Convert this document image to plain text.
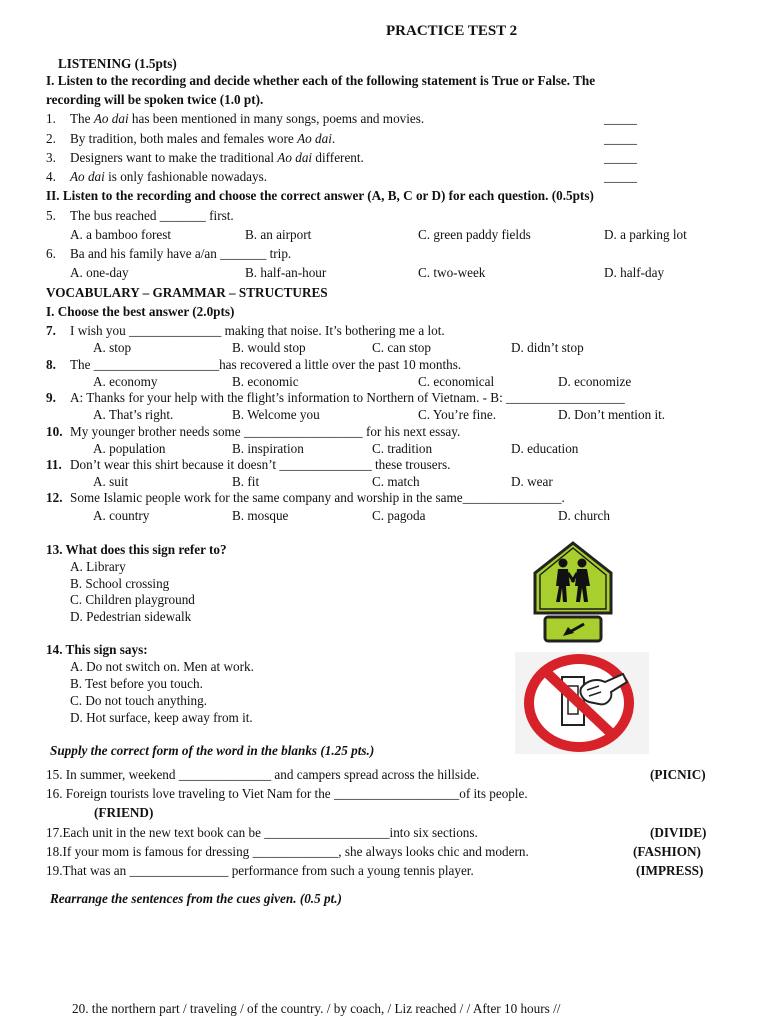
PRACTICE TEST 2
LISTENING (1.5pts)
I. Listen to the recording and decide whether each of the following statement is True or False. The
recording will be spoken twice (1.0 pt).
1. The Ao dai has been mentioned in many songs, poems and movies.	_____
2. By tradition, both males and females wore Ao dai.	_____
3. Designers want to make the traditional Ao dai different.	_____
4. Ao dai is only fashionable nowadays.	_____
II. Listen to the recording and choose the correct answer (A, B, C or D) for each question. (0.5pts)
5. The bus reached _______ first.
A. a bamboo forest	B. an airport	C. green paddy fields	D. a parking lot
6. Ba and his family have a/an _______ trip.
A. one-day	B. half-an-hour	C. two-week	D. half-day
VOCABULARY – GRAMMAR – STRUCTURES
I. Choose the best answer (2.0pts)
7. I wish you ______________ making that noise. It’s bothering me a lot.
A. stop	B. would stop	C. can stop	D. didn’t stop
8. The ___________________has recovered a little over the past 10 months.
A. economy	B. economic	C. economical	D. economize
9. A: Thanks for your help with the flight’s information to Northern of Vietnam. - B: __________________
A. That’s right.	B. Welcome you	C. You’re fine.	D. Don’t mention it.
10. My younger brother needs some __________________ for his next essay.
A. population	B. inspiration	C. tradition	D. education
11. Don’t wear this shirt because it doesn’t ______________ these trousers.
A. suit	B. fit	C. match	D. wear
12. Some Islamic people work for the same company and worship in the same_______________.
A. country	B. mosque	C. pagoda	D. church
13. What does this sign refer to?
A. Library
B. School crossing
C. Children playground
D. Pedestrian sidewalk
14. This sign says:
A. Do not switch on. Men at work.
B. Test before you touch.
C. Do not touch anything.
D. Hot surface, keep away from it.
Supply the correct form of the word in the blanks (1.25 pts.)
15. In summer, weekend ______________ and campers spread across the hillside.	(PICNIC)
16. Foreign tourists love traveling to Viet Nam for the ___________________of its people.
(FRIEND)
17.Each unit in the new text book can be ___________________into six sections.	(DIVIDE)
18.If your mom is famous for dressing _____________, she always looks chic and modern.	(FASHION)
19.That was an _______________ performance from such a young tennis player.	(IMPRESS)
Rearrange the sentences from the cues given. (0.5 pt.)
20. the northern part / traveling / of the country. / by coach, / Liz reached / / After 10 hours //
